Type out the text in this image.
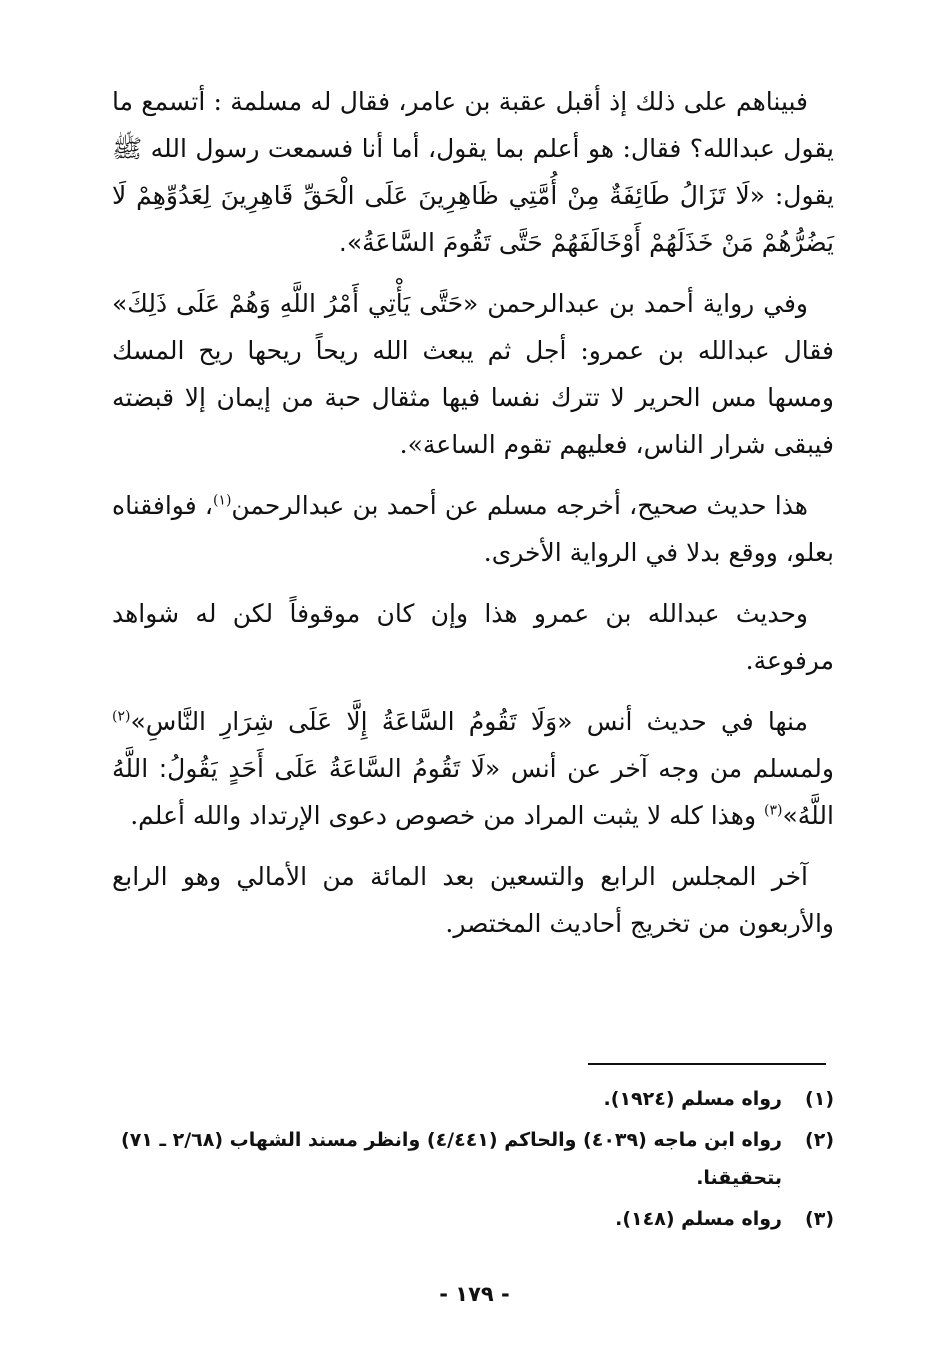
فبيناهم على ذلك إذ أقبل عقبة بن عامر، فقال له مسلمة : أتسمع ما يقول عبدالله؟ فقال: هو أعلم بما يقول، أما أنا فسمعت رسول الله ﷺ يقول: «لَا تَزَالُ طَائِفَةٌ مِنْ أُمَّتِي ظَاهِرِينَ عَلَى الْحَقِّ قَاهِرِينَ لِعَدُوِّهِمْ لَا يَضُرُّهُمْ مَنْ خَذَلَهُمْ أَوْخَالَفَهُمْ حَتَّى تَقُومَ السَّاعَةُ».

وفي رواية أحمد بن عبدالرحمن «حَتَّى يَأْتِي أَمْرُ اللَّهِ وَهُمْ عَلَى ذَلِكَ» فقال عبدالله بن عمرو: أجل ثم يبعث الله ريحاً ريحها ريح المسك ومسها مس الحرير لا تترك نفسا فيها مثقال حبة من إيمان إلا قبضته فيبقى شرار الناس، فعليهم تقوم الساعة».

هذا حديث صحيح، أخرجه مسلم عن أحمد بن عبدالرحمن$^{(١)}$، فوافقناه بعلو، ووقع بدلا في الرواية الأخرى.

وحديث عبدالله بن عمرو هذا وإن كان موقوفاً لكن له شواهد مرفوعة.

منها في حديث أنس «وَلَا تَقُومُ السَّاعَةُ إِلَّا عَلَى شِرَارِ النَّاسِ»$^{(٢)}$ ولمسلم من وجه آخر عن أنس «لَا تَقُومُ السَّاعَةُ عَلَى أَحَدٍ يَقُولُ: اللَّهُ اللَّهُ»$^{(٣)}$ وهذا كله لا يثبت المراد من خصوص دعوى الإرتداد والله أعلم.

آخر المجلس الرابع والتسعين بعد المائة من الأمالي وهو الرابع والأربعون من تخريج أحاديث المختصر.

(١)
رواه مسلم (١٩٢٤).
(٢)
رواه ابن ماجه (٤٠٣٩) والحاكم (٤/٤٤١) وانظر مسند الشهاب (٢/٦٨ ـ ٧١) بتحقيقنا.
(٣)
رواه مسلم (١٤٨).
- ١٧٩ -
